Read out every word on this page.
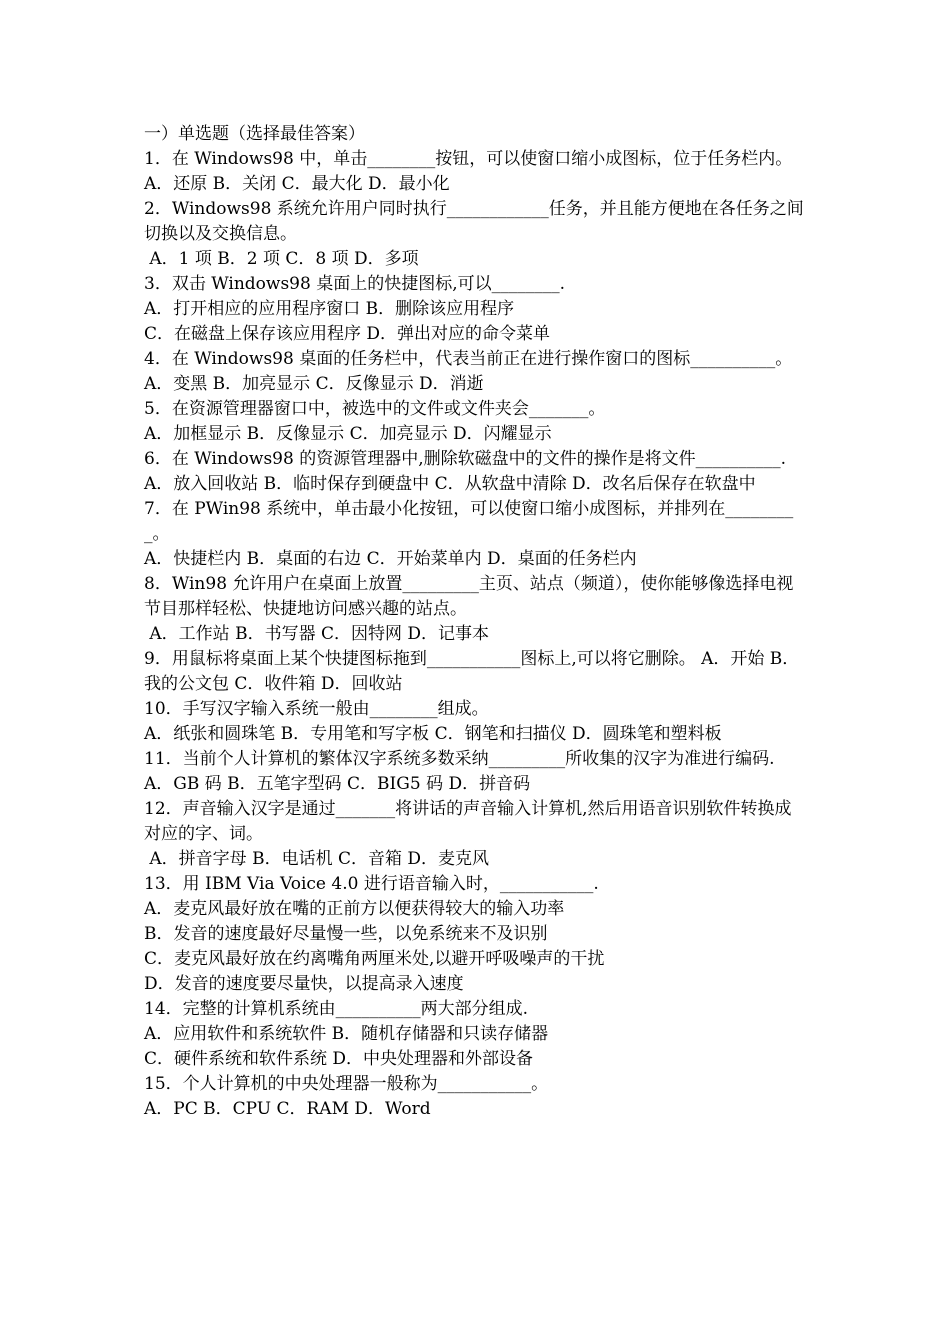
一）单选题（选择最佳答案）

1．在 Windows98 中，单击________按钮，可以使窗口缩小成图标，位于任务栏内。

A．还原 B．关闭 C．最大化 D．最小化

2．Windows98 系统允许用户同时执行____________任务，并且能方便地在各任务之间切换以及交换信息。

A．1 项 B．2 项 C．8 项 D．多项

3．双击 Windows98 桌面上的快捷图标,可以________.

A．打开相应的应用程序窗口 B．删除该应用程序

C．在磁盘上保存该应用程序 D．弹出对应的命令菜单

4．在 Windows98 桌面的任务栏中，代表当前正在进行操作窗口的图标__________。

A．变黑 B．加亮显示 C．反像显示 D．消逝

5．在资源管理器窗口中，被选中的文件或文件夹会_______。

A．加框显示 B．反像显示 C．加亮显示 D．闪耀显示

6．在 Windows98 的资源管理器中,删除软磁盘中的文件的操作是将文件__________.

A．放入回收站 B．临时保存到硬盘中 C．从软盘中清除 D．改名后保存在软盘中

7．在 PWin98 系统中，单击最小化按钮，可以使窗口缩小成图标，并排列在_________。

A．快捷栏内 B．桌面的右边 C．开始菜单内 D．桌面的任务栏内

8．Win98 允许用户在桌面上放置_________主页、站点（频道），使你能够像选择电视节目那样轻松、快捷地访问感兴趣的站点。

A．工作站 B．书写器 C．因特网 D．记事本

9．用鼠标将桌面上某个快捷图标拖到___________图标上,可以将它删除。 A．开始 B．我的公文包 C．收件箱 D．回收站

10．手写汉字输入系统一般由________组成。

A．纸张和圆珠笔 B．专用笔和写字板 C．钢笔和扫描仪 D．圆珠笔和塑料板

11．当前个人计算机的繁体汉字系统多数采纳_________所收集的汉字为准进行编码. A．GB 码 B．五笔字型码 C．BIG5 码 D．拼音码

12．声音输入汉字是通过_______将讲话的声音输入计算机,然后用语音识别软件转换成对应的字、词。

A．拼音字母 B．电话机 C．音箱 D．麦克风

13．用 IBM Via Voice 4.0 进行语音输入时，___________.

A．麦克风最好放在嘴的正前方以便获得较大的输入功率

B．发音的速度最好尽量慢一些，以免系统来不及识别

C．麦克风最好放在约离嘴角两厘米处,以避开呼吸噪声的干扰

D．发音的速度要尽量快，以提高录入速度

14．完整的计算机系统由__________两大部分组成.

A．应用软件和系统软件 B．随机存储器和只读存储器

C．硬件系统和软件系统 D．中央处理器和外部设备

15．个人计算机的中央处理器一般称为___________。

A．PC B．CPU C．RAM D．Word
